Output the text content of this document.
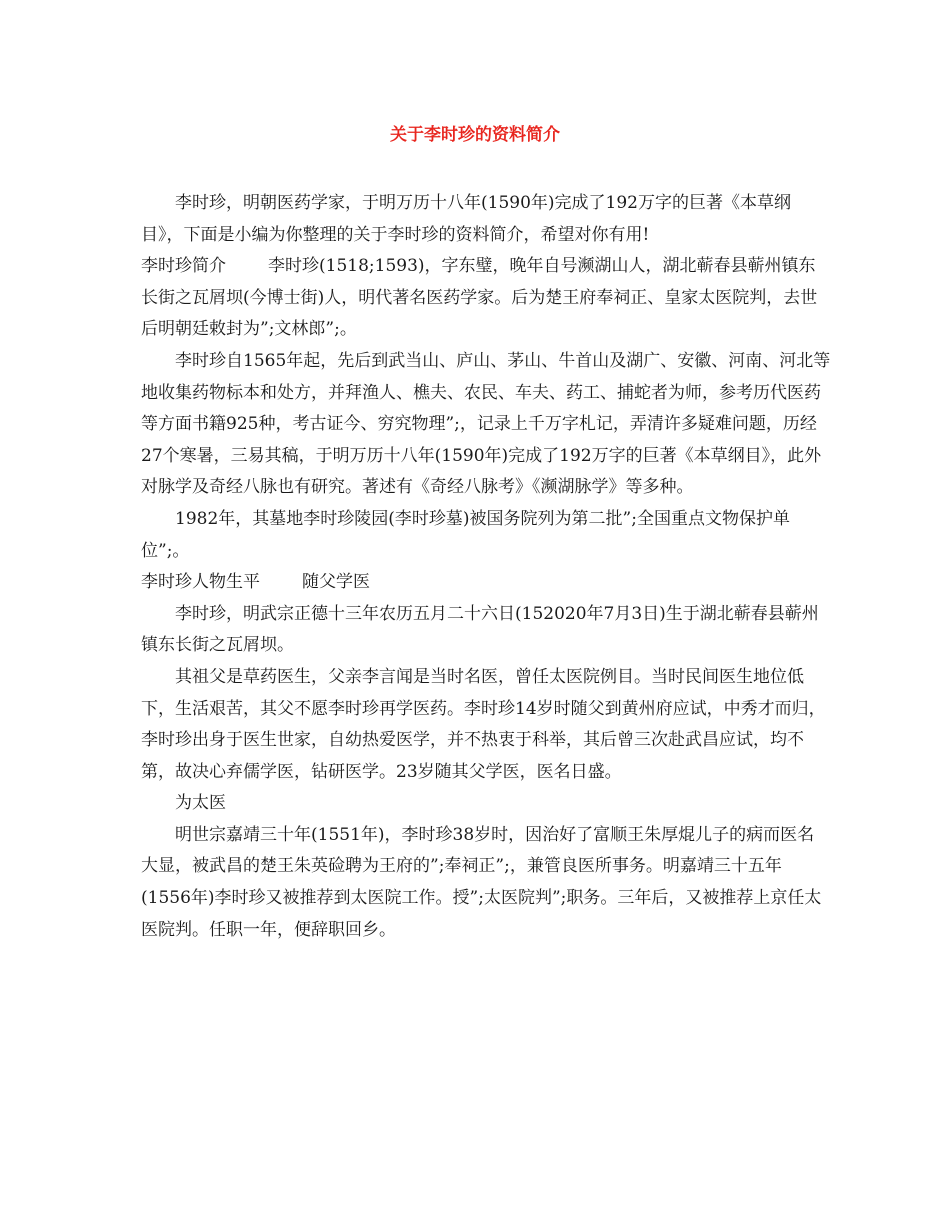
关于李时珍的资料简介

李时珍，明朝医药学家，于明万历十八年(1590年)完成了192万字的巨著《本草纲目》，下面是小编为你整理的关于李时珍的资料简介，希望对你有用!

李时珍简介 李时珍(1518;1593)，字东璧，晚年自号濒湖山人，湖北蕲春县蕲州镇东长街之瓦屑坝(今博士街)人，明代著名医药学家。后为楚王府奉祠正、皇家太医院判，去世后明朝廷敕封为”;文林郎”;。

李时珍自1565年起，先后到武当山、庐山、茅山、牛首山及湖广、安徽、河南、河北等地收集药物标本和处方，并拜渔人、樵夫、农民、车夫、药工、捕蛇者为师，参考历代医药等方面书籍925种，考古证今、穷究物理”;，记录上千万字札记，弄清许多疑难问题，历经27个寒暑，三易其稿，于明万历十八年(1590年)完成了192万字的巨著《本草纲目》，此外对脉学及奇经八脉也有研究。著述有《奇经八脉考》《濒湖脉学》等多种。

1982年，其墓地李时珍陵园(李时珍墓)被国务院列为第二批”;全国重点文物保护单位”;。

李时珍人物生平 随父学医

李时珍，明武宗正德十三年农历五月二十六日(152020年7月3日)生于湖北蕲春县蕲州镇东长街之瓦屑坝。

其祖父是草药医生，父亲李言闻是当时名医，曾任太医院例目。当时民间医生地位低下，生活艰苦，其父不愿李时珍再学医药。李时珍14岁时随父到黄州府应试，中秀才而归，李时珍出身于医生世家，自幼热爱医学，并不热衷于科举，其后曾三次赴武昌应试，均不第，故决心弃儒学医，钻研医学。23岁随其父学医，医名日盛。

为太医

明世宗嘉靖三十年(1551年)，李时珍38岁时，因治好了富顺王朱厚焜儿子的病而医名大显，被武昌的楚王朱英硷聘为王府的”;奉祠正”;，兼管良医所事务。明嘉靖三十五年(1556年)李时珍又被推荐到太医院工作。授”;太医院判”;职务。三年后，又被推荐上京任太医院判。任职一年，便辞职回乡。
